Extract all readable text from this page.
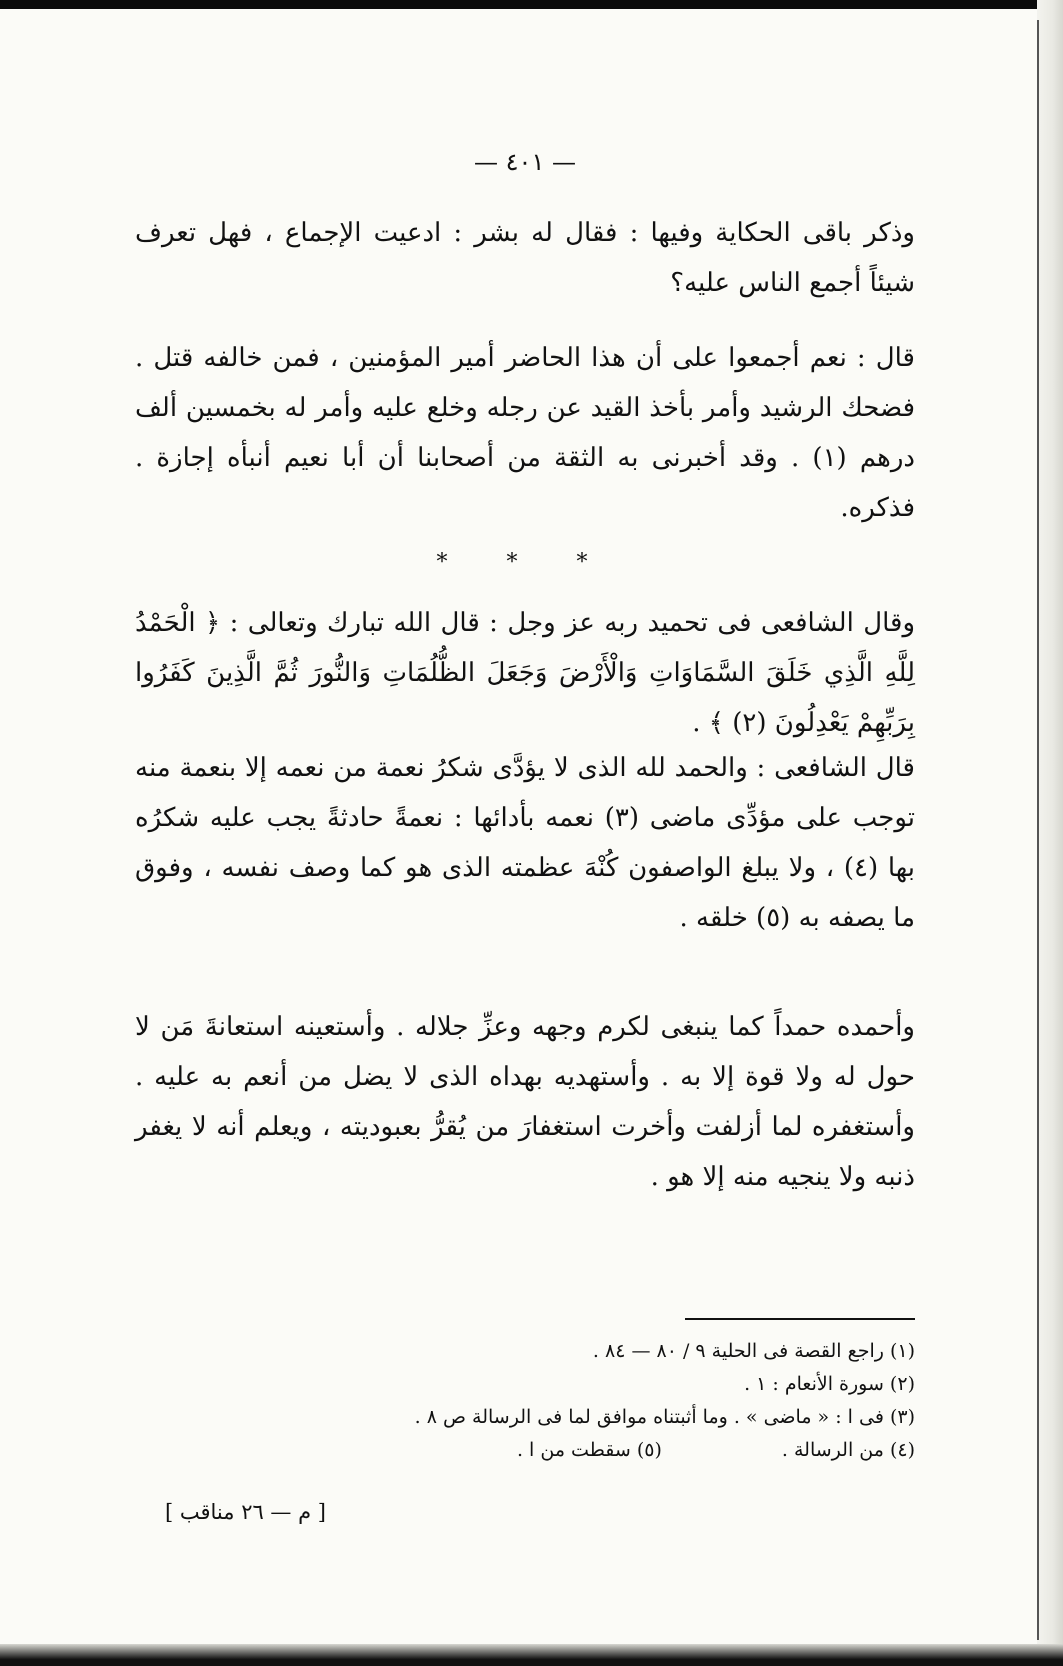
— ٤٠١ —

وذكر باقى الحكاية وفيها : فقال له بشر : ادعيت الإجماع ، فهل تعرف شيئاً أجمع الناس عليه؟

قال : نعم أجمعوا على أن هذا الحاضر أمير المؤمنين ، فمن خالفه قتل . فضحك الرشيد وأمر بأخذ القيد عن رجله وخلع عليه وأمر له بخمسين ألف درهم (١) . وقد أخبرنى به الثقة من أصحابنا أن أبا نعيم أنبأه إجازة . فذكره.

* * *

وقال الشافعى فى تحميد ربه عز وجل : قال الله تبارك وتعالى : ﴿ الْحَمْدُ لِلَّهِ الَّذِي خَلَقَ السَّمَاوَاتِ وَالْأَرْضَ وَجَعَلَ الظُّلُمَاتِ وَالنُّورَ ثُمَّ الَّذِينَ كَفَرُوا بِرَبِّهِمْ يَعْدِلُونَ (٢) ﴾ .

قال الشافعى : والحمد لله الذى لا يؤدَّى شكرُ نعمة من نعمه إلا بنعمة منه توجب على مؤدِّى ماضى (٣) نعمه بأدائها : نعمةً حادثةً يجب عليه شكرُه بها (٤) ، ولا يبلغ الواصفون كُنْهَ عظمته الذى هو كما وصف نفسه ، وفوق ما يصفه به (٥) خلقه .

وأحمده حمداً كما ينبغى لكرم وجهه وعزِّ جلاله . وأستعينه استعانةَ مَن لا حول له ولا قوة إلا به . وأستهديه بهداه الذى لا يضل من أنعم به عليه . وأستغفره لما أزلفت وأخرت استغفارَ من يُقرُّ بعبوديته ، ويعلم أنه لا يغفر ذنبه ولا ينجيه منه إلا هو .

(١) راجع القصة فى الحلية ٩ / ٨٠ — ٨٤ .
(٢) سورة الأنعام : ١ .
(٣) فى ا : « ماضى » . وما أثبتناه موافق لما فى الرسالة ص ٨ .
(٤) من الرسالة .(٥) سقطت من ا .
[ م — ٢٦ مناقب ]
